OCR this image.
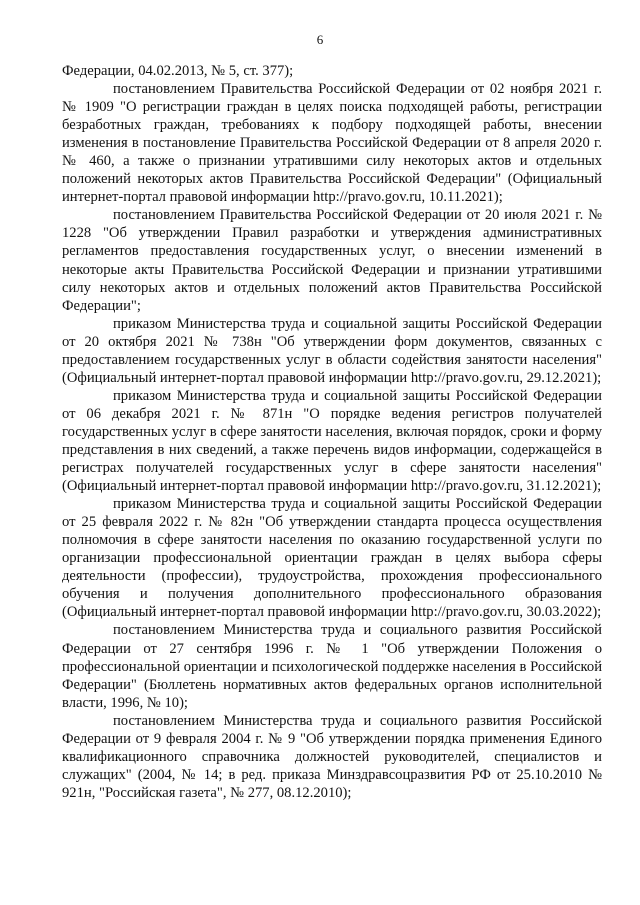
6

Федерации, 04.02.2013, № 5, ст. 377);

постановлением Правительства Российской Федерации от 02 ноября 2021 г. № 1909 "О регистрации граждан в целях поиска подходящей работы, регистрации безработных граждан, требованиях к подбору подходящей работы, внесении изменения в постановление Правительства Российской Федерации от 8 апреля 2020 г. № 460, а также о признании утратившими силу некоторых актов и отдельных положений некоторых актов Правительства Российской Федерации" (Официальный интернет-портал правовой информации http://pravo.gov.ru, 10.11.2021);

постановлением Правительства Российской Федерации от 20 июля 2021 г. № 1228 "Об утверждении Правил разработки и утверждения административных регламентов предоставления государственных услуг, о внесении изменений в некоторые акты Правительства Российской Федерации и признании утратившими силу некоторых актов и отдельных положений актов Правительства Российской Федерации";

приказом Министерства труда и социальной защиты Российской Федерации от 20 октября 2021 № 738н "Об утверждении форм документов, связанных с предоставлением государственных услуг в области содействия занятости населения" (Официальный интернет-портал правовой информации http://pravo.gov.ru, 29.12.2021);

приказом Министерства труда и социальной защиты Российской Федерации от 06 декабря 2021 г. № 871н "О порядке ведения регистров получателей государственных услуг в сфере занятости населения, включая порядок, сроки и форму представления в них сведений, а также перечень видов информации, содержащейся в регистрах получателей государственных услуг в сфере занятости населения" (Официальный интернет-портал правовой информации http://pravo.gov.ru, 31.12.2021);

приказом Министерства труда и социальной защиты Российской Федерации от 25 февраля 2022 г. № 82н "Об утверждении стандарта процесса осуществления полномочия в сфере занятости населения по оказанию государственной услуги по организации профессиональной ориентации граждан в целях выбора сферы деятельности (профессии), трудоустройства, прохождения профессионального обучения и получения дополнительного профессионального образования (Официальный интернет-портал правовой информации http://pravo.gov.ru, 30.03.2022);

постановлением Министерства труда и социального развития Российской Федерации от 27 сентября 1996 г. № 1 "Об утверждении Положения о профессиональной ориентации и психологической поддержке населения в Российской Федерации" (Бюллетень нормативных актов федеральных органов исполнительной власти, 1996, № 10);

постановлением Министерства труда и социального развития Российской Федерации от 9 февраля 2004 г. № 9 "Об утверждении порядка применения Единого квалификационного справочника должностей руководителей, специалистов и служащих" (2004, № 14; в ред. приказа Минздравсоцразвития РФ от 25.10.2010 № 921н, "Российская газета", № 277, 08.12.2010);
